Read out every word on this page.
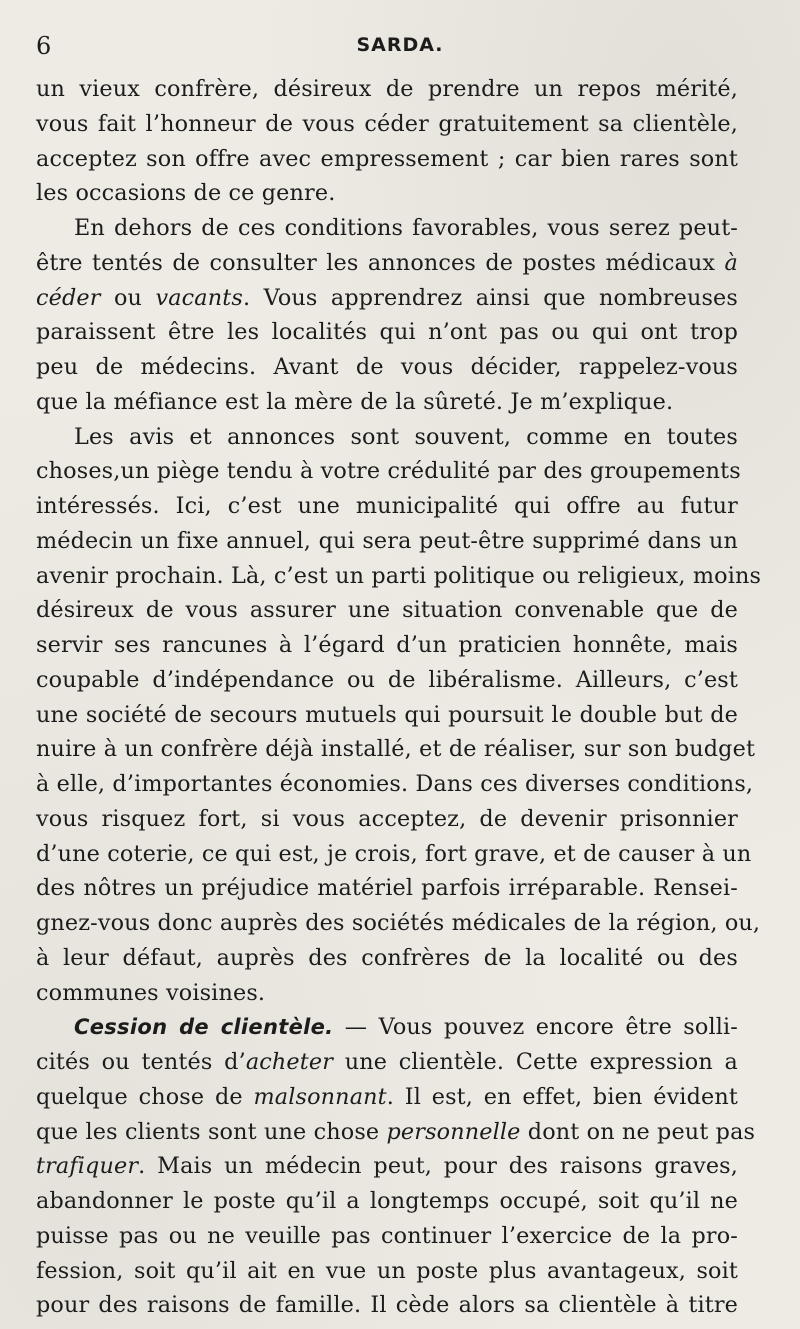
6	SARDA.
un vieux confrère, désireux de prendre un repos mérité,
vous fait l’honneur de vous céder gratuitement sa clientèle,
acceptez son offre avec empressement ; car bien rares sont
les occasions de ce genre.
En dehors de ces conditions favorables, vous serez peut-
être tentés de consulter les annonces de postes médicaux à
céder ou vacants. Vous apprendrez ainsi que nombreuses
paraissent être les localités qui n’ont pas ou qui ont trop
peu de médecins. Avant de vous décider, rappelez-vous
que la méfiance est la mère de la sûreté. Je m’explique.
Les avis et annonces sont souvent, comme en toutes
choses,un piège tendu à votre crédulité par des groupements
intéressés. Ici, c’est une municipalité qui offre au futur
médecin un fixe annuel, qui sera peut-être supprimé dans un
avenir prochain. Là, c’est un parti politique ou religieux, moins
désireux de vous assurer une situation convenable que de
servir ses rancunes à l’égard d’un praticien honnête, mais
coupable d’indépendance ou de libéralisme. Ailleurs, c’est
une société de secours mutuels qui poursuit le double but de
nuire à un confrère déjà installé, et de réaliser, sur son budget
à elle, d’importantes économies. Dans ces diverses conditions,
vous risquez fort, si vous acceptez, de devenir prisonnier
d’une coterie, ce qui est, je crois, fort grave, et de causer à un
des nôtres un préjudice matériel parfois irréparable. Rensei-
gnez-vous donc auprès des sociétés médicales de la région, ou,
à leur défaut, auprès des confrères de la localité ou des
communes voisines.
Cession de clientèle. — Vous pouvez encore être solli-
cités ou tentés d’acheter une clientèle. Cette expression a
quelque chose de malsonnant. Il est, en effet, bien évident
que les clients sont une chose personnelle dont on ne peut pas
trafiquer. Mais un médecin peut, pour des raisons graves,
abandonner le poste qu’il a longtemps occupé, soit qu’il ne
puisse pas ou ne veuille pas continuer l’exercice de la pro-
fession, soit qu’il ait en vue un poste plus avantageux, soit
pour des raisons de famille. Il cède alors sa clientèle à titre
